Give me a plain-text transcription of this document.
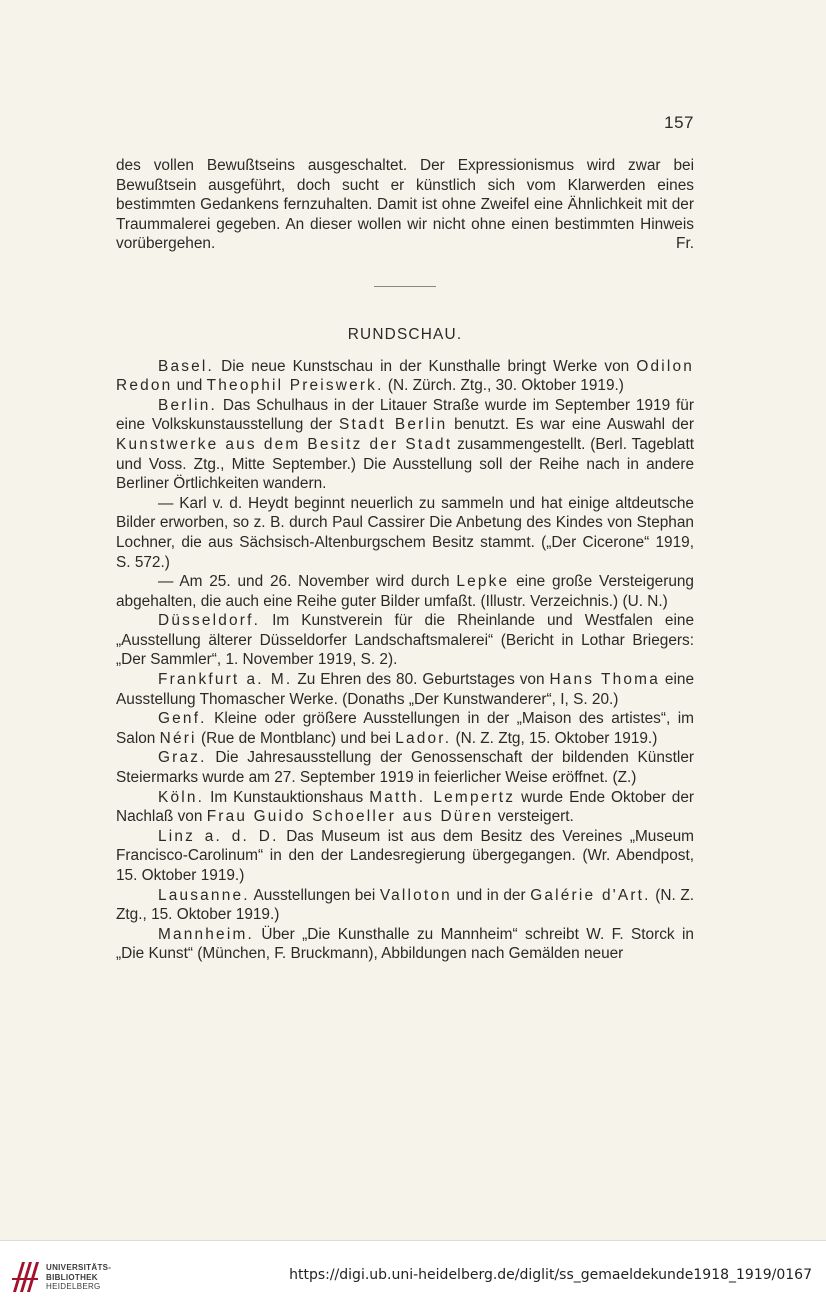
157

des vollen Bewußtseins ausgeschaltet. Der Expressionismus wird zwar bei Bewußtsein ausgeführt, doch sucht er künstlich sich vom Klarwerden eines bestimmten Gedankens fernzuhalten. Damit ist ohne Zweifel eine Ähnlichkeit mit der Traummalerei gegeben. An dieser wollen wir nicht ohne einen bestimmten Hinweis vorübergehen.	Fr.

RUNDSCHAU.

Basel. Die neue Kunstschau in der Kunsthalle bringt Werke von Odilon Redon und Theophil Preiswerk. (N. Zürch. Ztg., 30. Oktober 1919.)

Berlin. Das Schulhaus in der Litauer Straße wurde im September 1919 für eine Volkskunstausstellung der Stadt Berlin benutzt. Es war eine Auswahl der Kunstwerke aus dem Besitz der Stadt zusammengestellt. (Berl. Tageblatt und Voss. Ztg., Mitte September.) Die Ausstellung soll der Reihe nach in andere Berliner Örtlichkeiten wandern.

— Karl v. d. Heydt beginnt neuerlich zu sammeln und hat einige altdeutsche Bilder erworben, so z. B. durch Paul Cassirer Die Anbetung des Kindes von Stephan Lochner, die aus Sächsisch-Altenburgschem Besitz stammt. („Der Cicerone“ 1919, S. 572.)

— Am 25. und 26. November wird durch Lepke eine große Versteigerung abgehalten, die auch eine Reihe guter Bilder umfaßt. (Illustr. Verzeichnis.) (U. N.)

Düsseldorf. Im Kunstverein für die Rheinlande und Westfalen eine „Ausstellung älterer Düsseldorfer Landschaftsmalerei“ (Bericht in Lothar Briegers: „Der Sammler“, 1. November 1919, S. 2).

Frankfurt a. M. Zu Ehren des 80. Geburtstages von Hans Thoma eine Ausstellung Thomascher Werke. (Donaths „Der Kunstwanderer“, I, S. 20.)

Genf. Kleine oder größere Ausstellungen in der „Maison des artistes“, im Salon Néri (Rue de Montblanc) und bei Lador. (N. Z. Ztg, 15. Oktober 1919.)

Graz. Die Jahresausstellung der Genossenschaft der bildenden Künstler Steiermarks wurde am 27. September 1919 in feierlicher Weise eröffnet. (Z.)

Köln. Im Kunstauktionshaus Matth. Lempertz wurde Ende Oktober der Nachlaß von Frau Guido Schoeller aus Düren versteigert.

Linz a. d. D. Das Museum ist aus dem Besitz des Vereines „Museum Francisco-Carolinum“ in den der Landesregierung übergegangen. (Wr. Abendpost, 15. Oktober 1919.)

Lausanne. Ausstellungen bei Valloton und in der Galérie d'Art. (N. Z. Ztg., 15. Oktober 1919.)

Mannheim. Über „Die Kunsthalle zu Mannheim“ schreibt W. F. Storck in „Die Kunst“ (München, F. Bruckmann), Abbildungen nach Gemälden neuer

UNIVERSITÄTS-
BIBLIOTHEK
HEIDELBERG
https://digi.ub.uni-heidelberg.de/diglit/ss_gemaeldekunde1918_1919/0167
